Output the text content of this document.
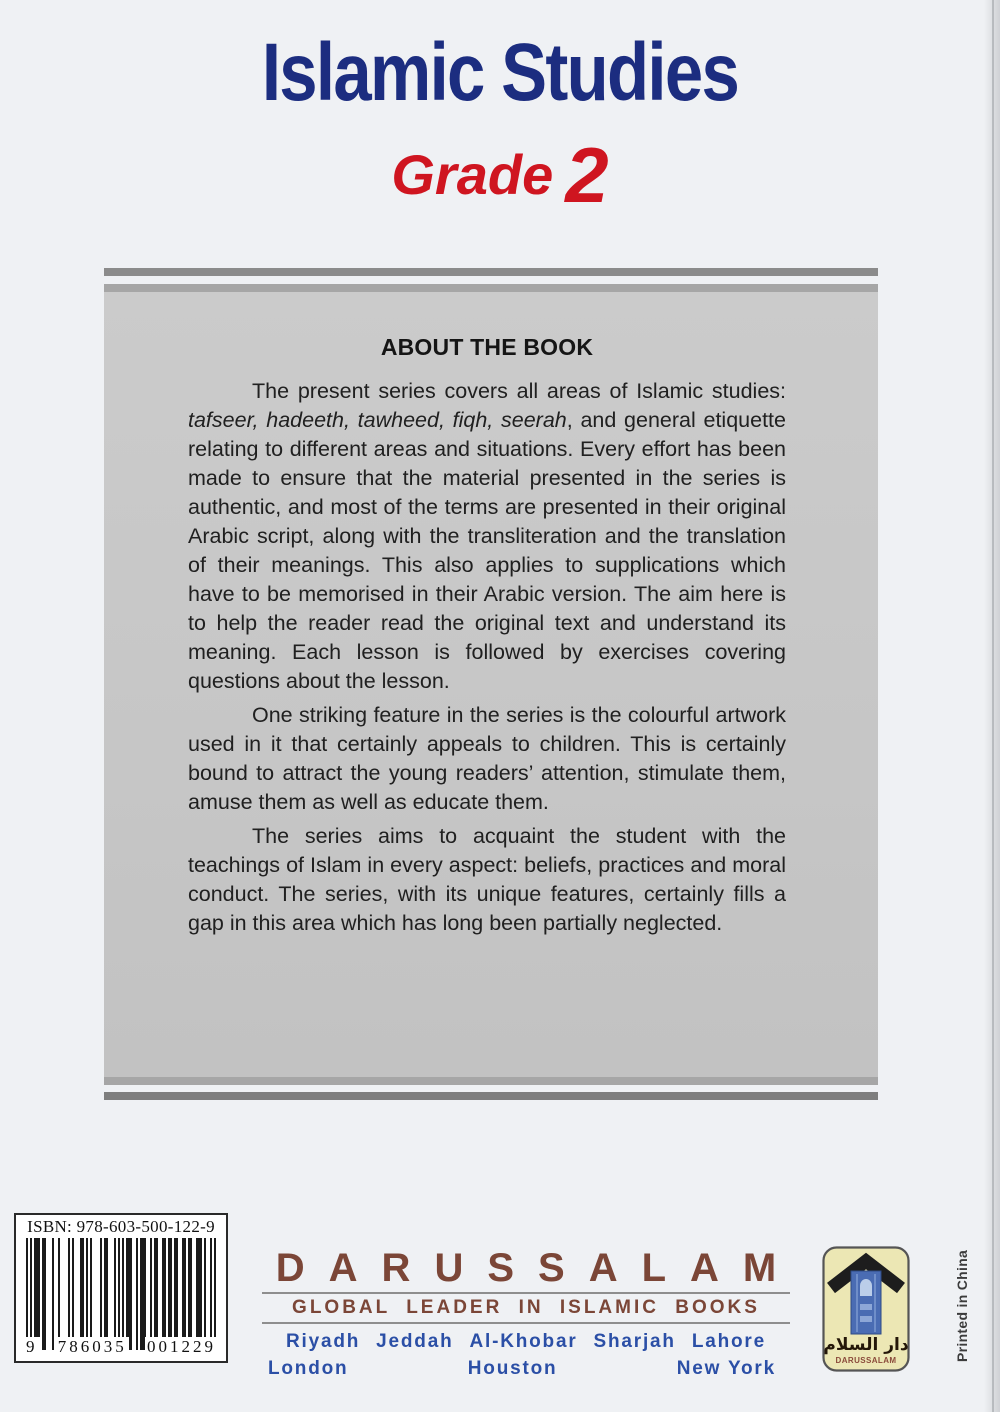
Islamic Studies
Grade 2
ABOUT THE BOOK

The present series covers all areas of Islamic studies: tafseer, hadeeth, tawheed, fiqh, seerah, and general etiquette relating to different areas and situations. Every effort has been made to ensure that the material presented in the series is authentic, and most of the terms are presented in their original Arabic script, along with the transliteration and the translation of their meanings. This also applies to supplications which have to be memorised in their Arabic version. The aim here is to help the reader read the original text and understand its meaning. Each lesson is followed by exercises covering questions about the lesson.

One striking feature in the series is the colourful artwork used in it that certainly appeals to children. This is certainly bound to attract the young readers’ attention, stimulate them, amuse them as well as educate them.

The series aims to acquaint the student with the teachings of Islam in every aspect: beliefs, practices and moral conduct. The series, with its unique features, certainly fills a gap in this area which has long been partially neglected.

ISBN: 978-603-500-122-9
9 786035 001229
DARUSSALAM
GLOBAL LEADER IN ISLAMIC BOOKS
Riyadh Jeddah Al-Khobar Sharjah Lahore
London	Houston	New York
دار السلام
DARUSSALAM	Printed in China
